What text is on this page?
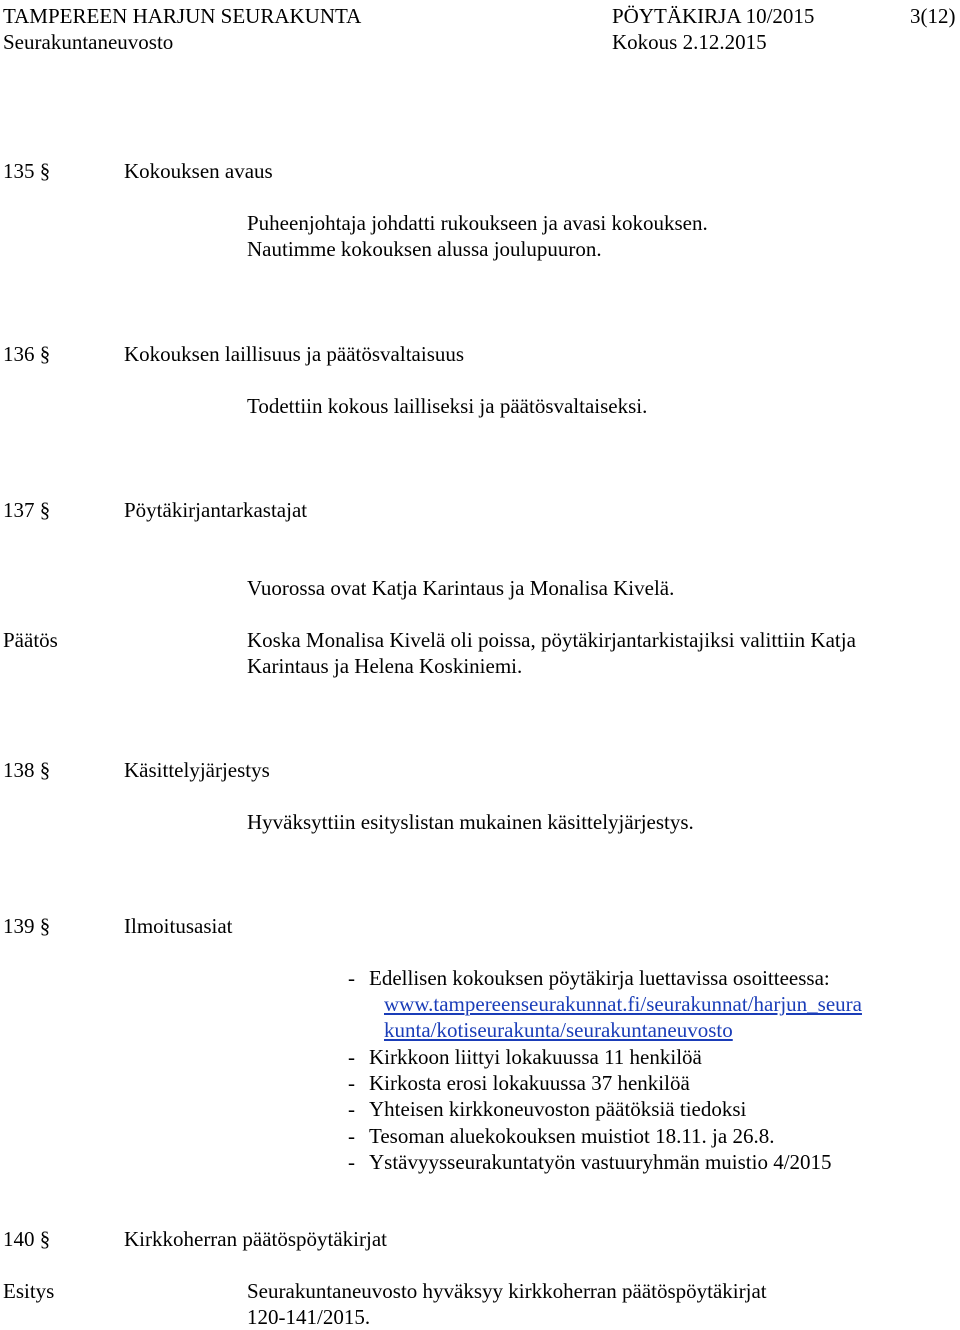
TAMPEREEN HARJUN SEURAKUNTA	PÖYTÄKIRJA 10/2015	3(12)
Seurakuntaneuvosto	Kokous 2.12.2015
135 §	Kokouksen avaus
Puheenjohtaja johdatti rukoukseen ja avasi kokouksen.
Nautimme kokouksen alussa joulupuuron.
136 §	Kokouksen laillisuus ja päätösvaltaisuus
Todettiin kokous lailliseksi ja päätösvaltaiseksi.
137 §	Pöytäkirjantarkastajat
Vuorossa ovat Katja Karintaus ja Monalisa Kivelä.
Päätös	Koska Monalisa Kivelä oli poissa, pöytäkirjantarkistajiksi valittiin Katja
Karintaus ja Helena Koskiniemi.
138 §	Käsittelyjärjestys
Hyväksyttiin esityslistan mukainen käsittelyjärjestys.
139 §	Ilmoitusasiat
- Edellisen kokouksen pöytäkirja luettavissa osoitteessa:
- Kirkkoon liittyi lokakuussa 11 henkilöä
- Kirkosta erosi lokakuussa 37 henkilöä
- Yhteisen kirkkoneuvoston päätöksiä tiedoksi
- Tesoman aluekokouksen muistiot 18.11. ja 26.8.
- Ystävyysseurakuntatyön vastuuryhmän muistio 4/2015
www.tampereenseurakunnat.fi/seurakunnat/harjun_seura
kunta/kotiseurakunta/seurakuntaneuvosto
140 §	Kirkkoherran päätöspöytäkirjat
Esitys	Seurakuntaneuvosto hyväksyy kirkkoherran päätöspöytäkirjat
120-141/2015.
